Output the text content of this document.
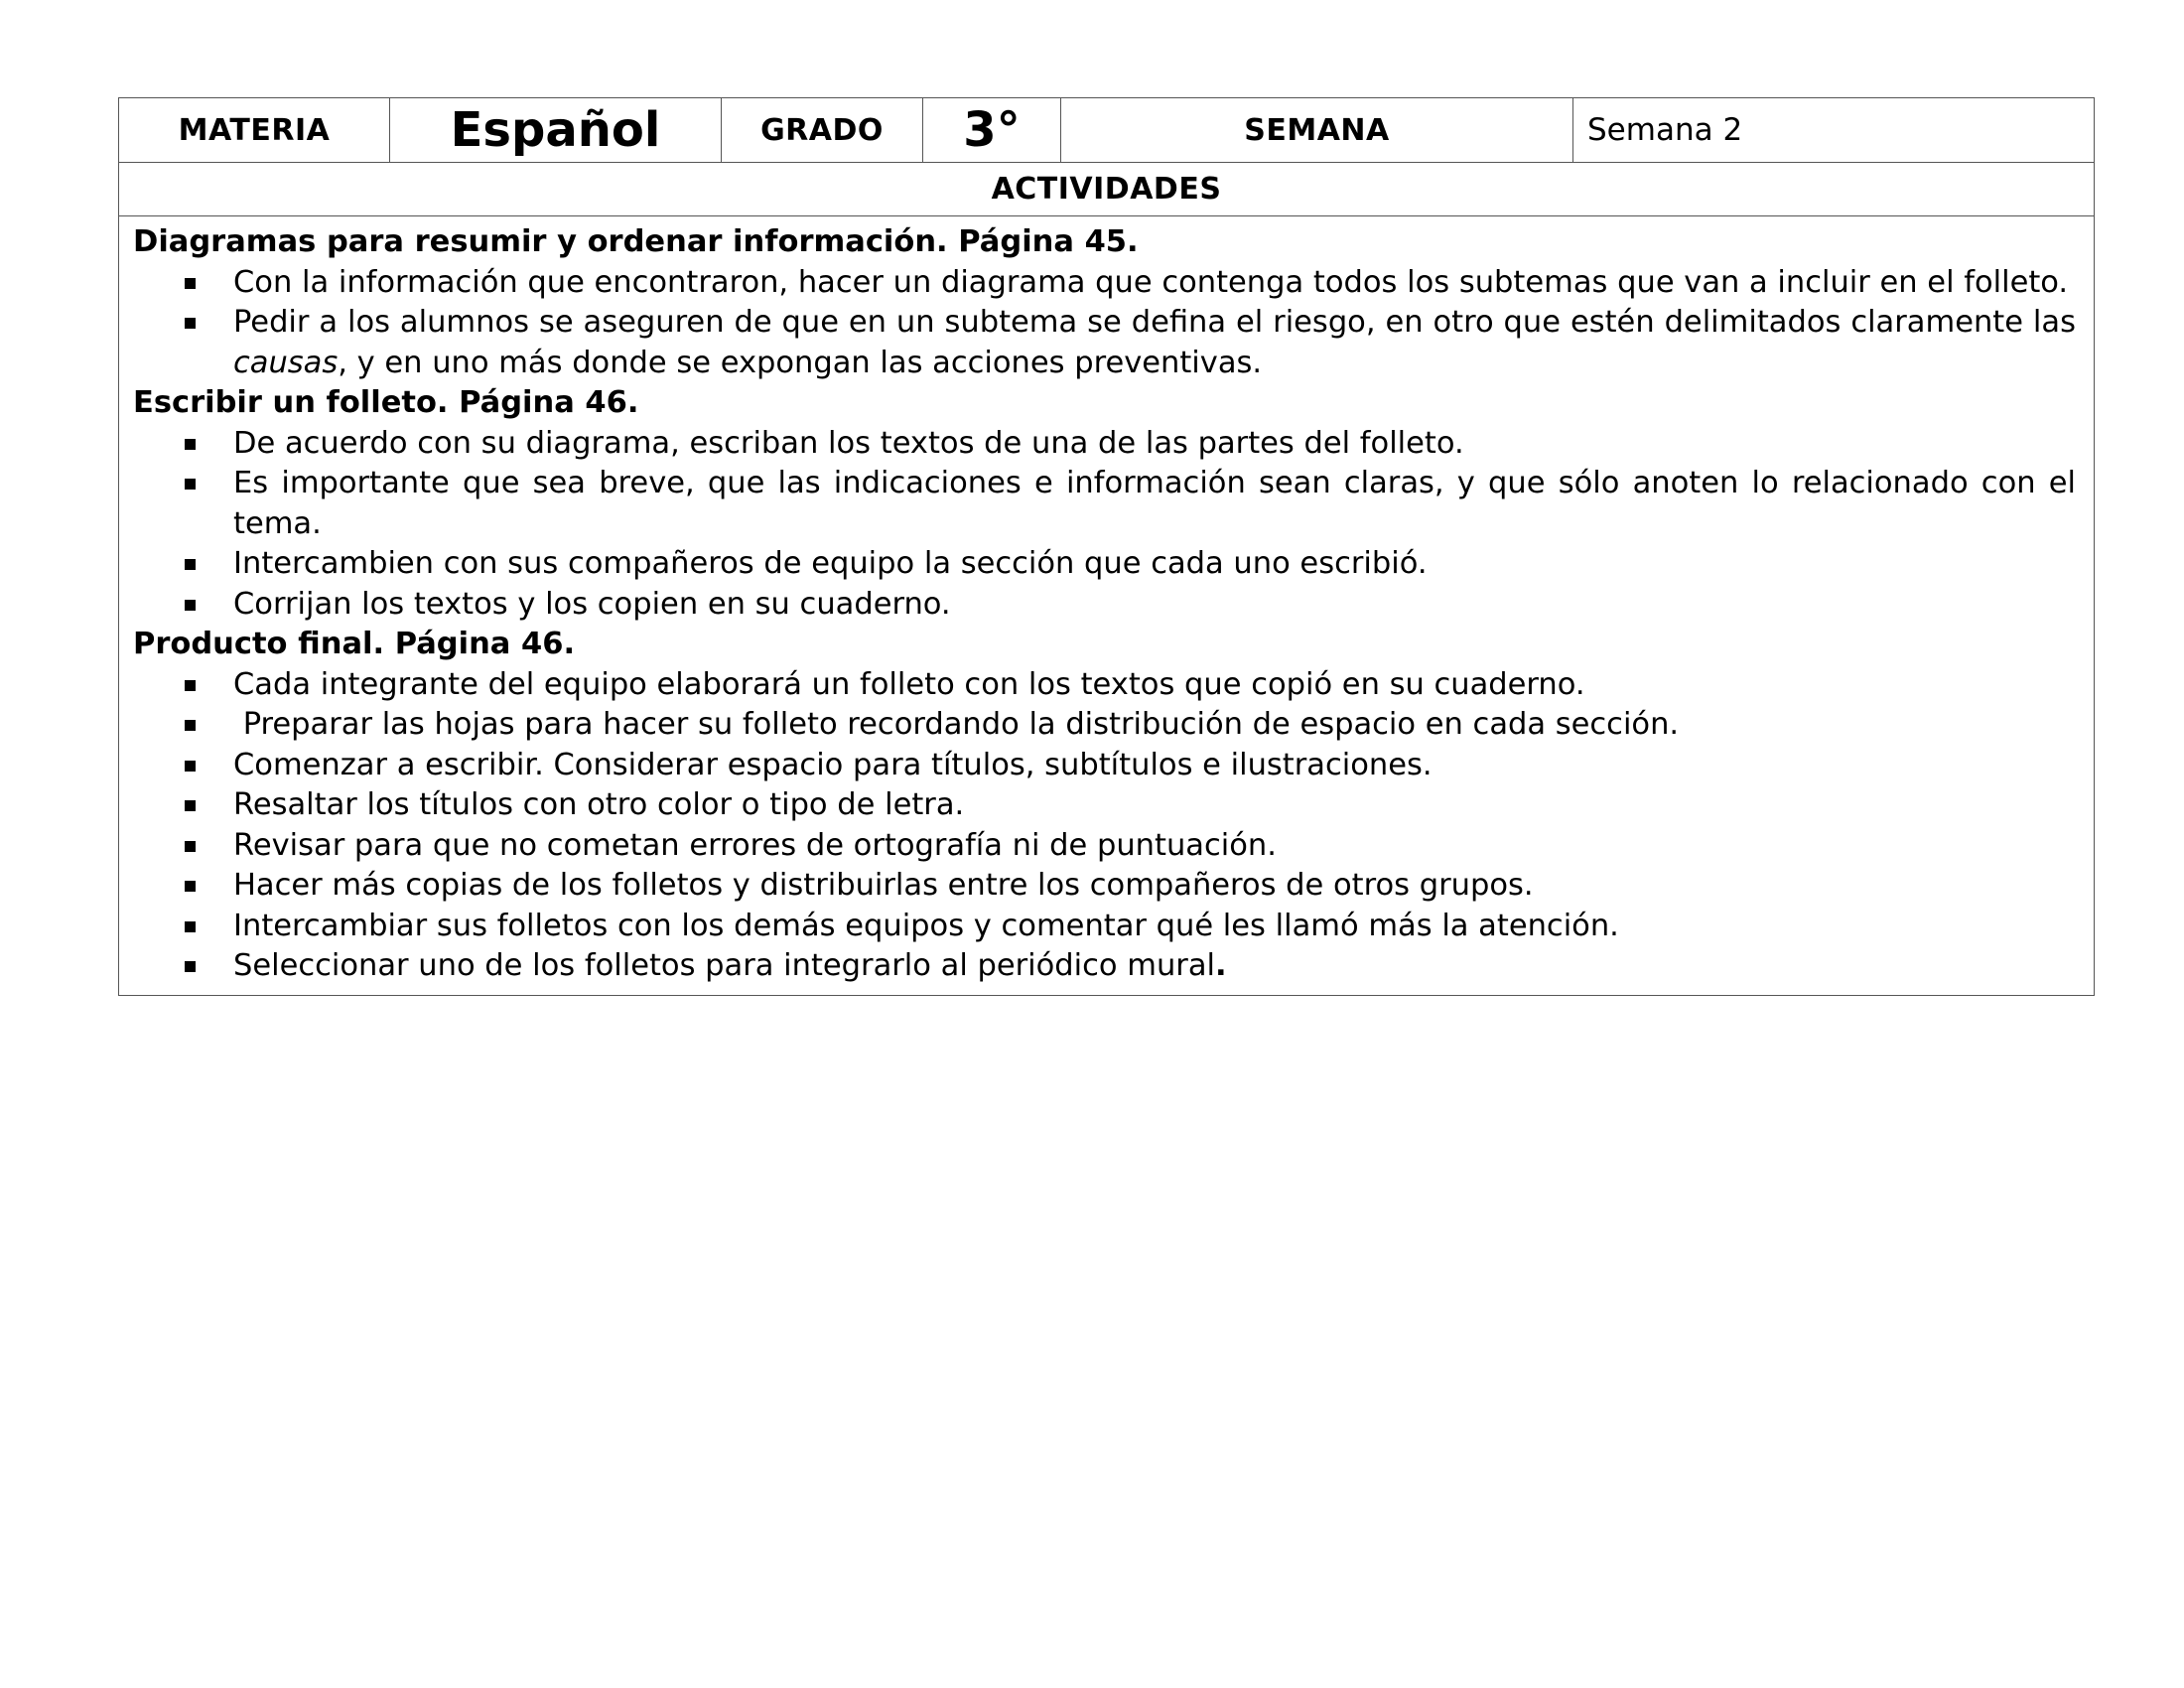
MATERIA	Español	GRADO 3°	SEMANA	Semana 2
ACTIVIDADES
Diagramas para resumir y ordenar información. Página 45.
Con la información que encontraron, hacer un diagrama que contenga todos los subtemas que van a incluir en el folleto.
Pedir a los alumnos se aseguren de que en un subtema se defina el riesgo, en otro que estén delimitados claramente las causas, y en uno más donde se expongan las acciones preventivas.
Escribir un folleto. Página 46.
De acuerdo con su diagrama, escriban los textos de una de las partes del folleto.
Es importante que sea breve, que las indicaciones e información sean claras, y que sólo anoten lo relacionado con el tema.
Intercambien con sus compañeros de equipo la sección que cada uno escribió.
Corrijan los textos y los copien en su cuaderno.
Producto final. Página 46.
Cada integrante del equipo elaborará un folleto con los textos que copió en su cuaderno.
Preparar las hojas para hacer su folleto recordando la distribución de espacio en cada sección.
Comenzar a escribir. Considerar espacio para títulos, subtítulos e ilustraciones.
Resaltar los títulos con otro color o tipo de letra.
Revisar para que no cometan errores de ortografía ni de puntuación.
Hacer más copias de los folletos y distribuirlas entre los compañeros de otros grupos.
Intercambiar sus folletos con los demás equipos y comentar qué les llamó más la atención.
Seleccionar uno de los folletos para integrarlo al periódico mural.
